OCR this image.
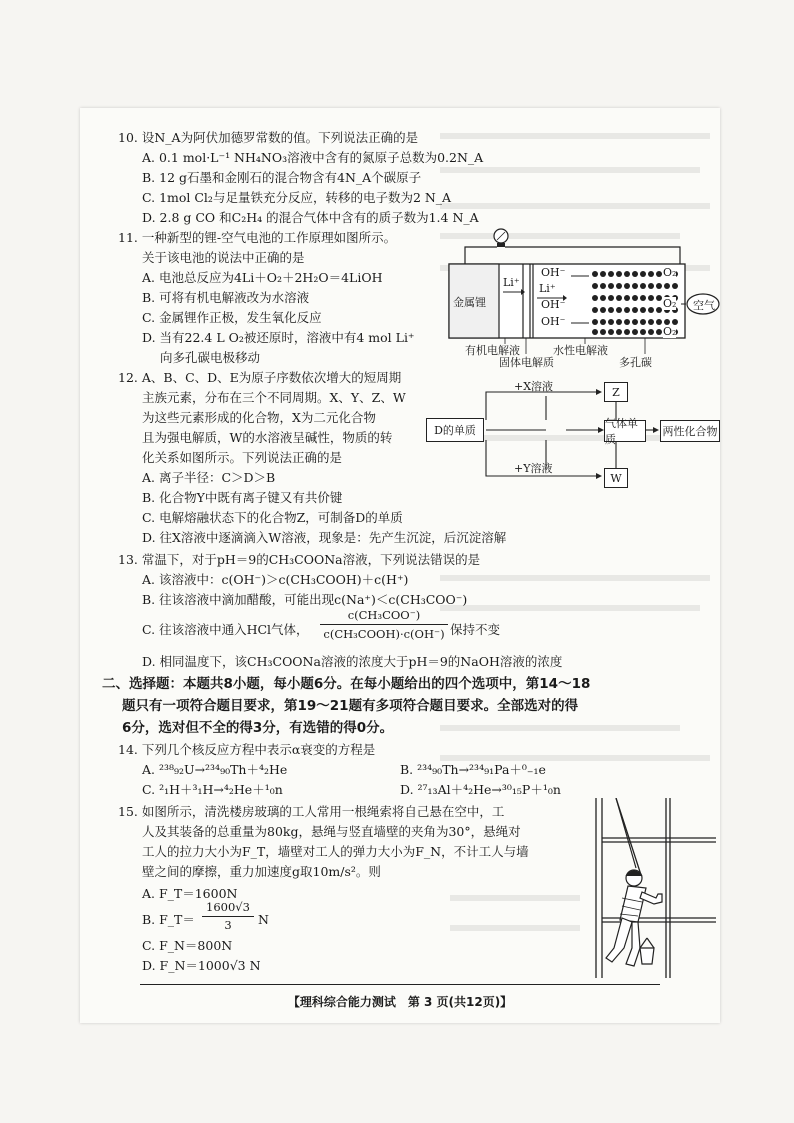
10. 设N_A为阿伏加德罗常数的值。下列说法正确的是
A. 0.1 mol·L⁻¹ NH₄NO₃溶液中含有的氮原子总数为0.2N_A
B. 12 g石墨和金刚石的混合物含有4N_A个碳原子
C. 1mol Cl₂与足量铁充分反应，转移的电子数为2 N_A
D. 2.8 g CO 和C₂H₄ 的混合气体中含有的质子数为1.4 N_A
11. 一种新型的锂-空气电池的工作原理如图所示。
关于该电池的说法中正确的是
A. 电池总反应为4Li＋O₂＋2H₂O＝4LiOH
B. 可将有机电解液改为水溶液
C. 金属锂作正极，发生氧化反应
D. 当有22.4 L O₂被还原时，溶液中有4 mol Li⁺
向多孔碳电极移动
金属锂
Li⁺ Li⁺
OH⁻
OH⁻
OH⁻
O₂
O₂
O₂
空气
有机电解液	水性电解液
固体电解质	多孔碳
12. A、B、C、D、E为原子序数依次增大的短周期
主族元素，分布在三个不同周期。X、Y、Z、W
为这些元素形成的化合物，X为二元化合物
且为强电解质，W的水溶液呈碱性，物质的转
化关系如图所示。下列说法正确的是
A. 离子半径：C＞D＞B
B. 化合物Y中既有离子键又有共价键
C. 电解熔融状态下的化合物Z，可制备D的单质
D. 往X溶液中逐滴滴入W溶液，现象是：先产生沉淀，后沉淀溶解
D的单质
+X溶液
+Y溶液
Z
W
气体单质
两性化合物
13. 常温下，对于pH＝9的CH₃COONa溶液，下列说法错误的是
A. 该溶液中：c(OH⁻)＞c(CH₃COOH)＋c(H⁺)
B. 往该溶液中滴加醋酸，可能出现c(Na⁺)＜c(CH₃COO⁻)
C. 往该溶液中通入HCl气体，
c(CH₃COO⁻)
c(CH₃COOH)·c(OH⁻) 保持不变
D. 相同温度下，该CH₃COONa溶液的浓度大于pH＝9的NaOH溶液的浓度
二、选择题：本题共8小题，每小题6分。在每小题给出的四个选项中，第14～18
题只有一项符合题目要求，第19～21题有多项符合题目要求。全部选对的得
6分，选对但不全的得3分，有选错的得0分。
14. 下列几个核反应方程中表示α衰变的方程是
A. ²³⁸₉₂U→²³⁴₉₀Th＋⁴₂He	B. ²³⁴₉₀Th→²³⁴₉₁Pa＋⁰₋₁e
C. ²₁H＋³₁H→⁴₂He＋¹₀n	D. ²⁷₁₃Al＋⁴₂He→³⁰₁₅P＋¹₀n
15. 如图所示，清洗楼房玻璃的工人常用一根绳索将自己悬在空中，工
人及其装备的总重量为80kg，悬绳与竖直墙壁的夹角为30°，悬绳对
工人的拉力大小为F_T，墙壁对工人的弹力大小为F_N，不计工人与墙
壁之间的摩擦，重力加速度g取10m/s²。则
A. F_T＝1600N
B. F_T＝
1600√3
3	N
C. F_N＝800N
D. F_N＝1000√3 N
【理科综合能力测试　第 3 页(共12页)】
